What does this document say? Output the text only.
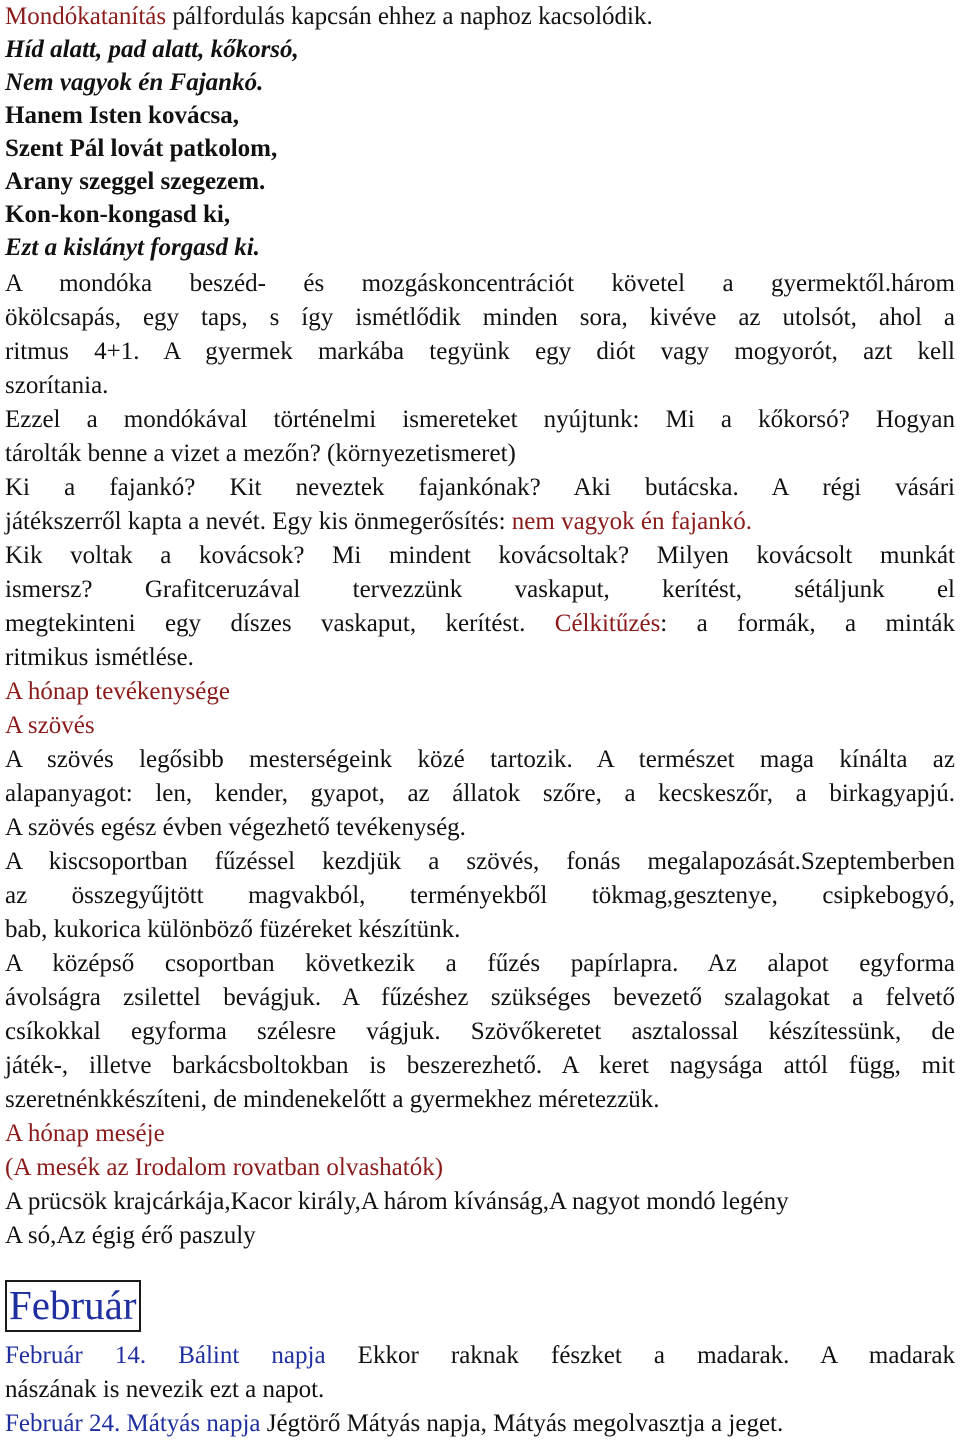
Mondókatanítás pálfordulás kapcsán ehhez a naphoz kacsolódik.
Híd alatt, pad alatt, kőkorsó,
Nem vagyok én Fajankó.
Hanem Isten kovácsa,
Szent Pál lovát patkolom,
Arany szeggel szegezem.
Kon-kon-kongasd ki,
Ezt a kislányt forgasd ki.
A mondóka beszéd- és mozgáskoncentrációt követel a gyermektől.három
ökölcsapás, egy taps, s így ismétlődik minden sora, kivéve az utolsót, ahol a
ritmus 4+1. A gyermek markába tegyünk egy diót vagy mogyorót, azt kell
szorítania.
Ezzel a mondókával történelmi ismereteket nyújtunk: Mi a kőkorsó? Hogyan
tárolták benne a vizet a mezőn? (környezetismeret)
Ki a fajankó? Kit neveztek fajankónak? Aki butácska. A régi vásári
játékszerről kapta a nevét. Egy kis önmegerősítés: nem vagyok én fajankó.
Kik voltak a kovácsok? Mi mindent kovácsoltak? Milyen kovácsolt munkát
ismersz? Grafitceruzával tervezzünk vaskaput, kerítést, sétáljunk el
megtekinteni egy díszes vaskaput, kerítést. Célkitűzés: a formák, a minták
ritmikus ismétlése.
A hónap tevékenysége
A szövés
A szövés legősibb mesterségeink közé tartozik. A természet maga kínálta az
alapanyagot: len, kender, gyapot, az állatok szőre, a kecskeszőr, a birkagyapjú.
A szövés egész évben végezhető tevékenység.
A kiscsoportban fűzéssel kezdjük a szövés, fonás megalapozását.Szeptemberben
az összegyűjtött magvakból, terményekből tökmag,gesztenye, csipkebogyó,
bab, kukorica különböző füzéreket készítünk.
A középső csoportban következik a fűzés papírlapra. Az alapot egyforma
ávolságra zsilettel bevágjuk. A fűzéshez szükséges bevezető szalagokat a felvető
csíkokkal egyforma szélesre vágjuk. Szövőkeretet asztalossal készítessünk, de
játék-, illetve barkácsboltokban is beszerezhető. A keret nagysága attól függ, mit
szeretnénkkészíteni, de mindenekelőtt a gyermekhez méretezzük.
A hónap meséje
(A mesék az Irodalom rovatban olvashatók)
A prücsök krajcárkája,Kacor király,A három kívánság,A nagyot mondó legény
A só,Az égig érő paszuly
Február
Február 14. Bálint napja Ekkor raknak fészket a madarak. A madarak
nászának is nevezik ezt a napot.
Február 24. Mátyás napja Jégtörő Mátyás napja, Mátyás megolvasztja a jeget.
